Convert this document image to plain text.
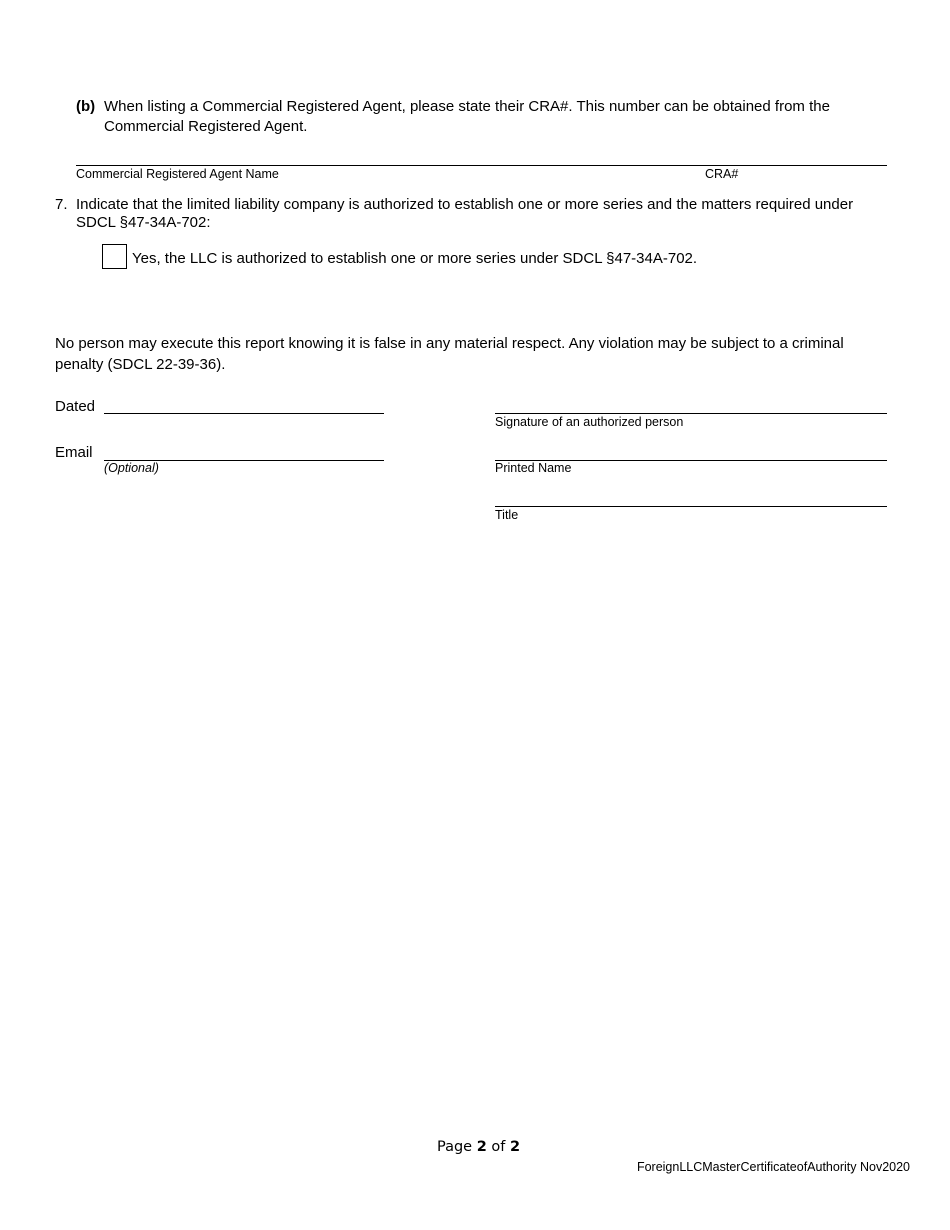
(b) When listing a Commercial Registered Agent, please state their CRA#. This number can be obtained from the
Commercial Registered Agent.
Commercial Registered Agent Name	CRA#
7. Indicate that the limited liability company is authorized to establish one or more series and the matters required under
SDCL §47-34A-702:
Yes, the LLC is authorized to establish one or more series under SDCL §47-34A-702.
No person may execute this report knowing it is false in any material respect. Any violation may be subject to a criminal
penalty (SDCL 22-39-36).
Dated
Signature of an authorized person
Email
(Optional)	Printed Name
Title
Page 2 of 2
ForeignLLCMasterCertificateofAuthority Nov2020
